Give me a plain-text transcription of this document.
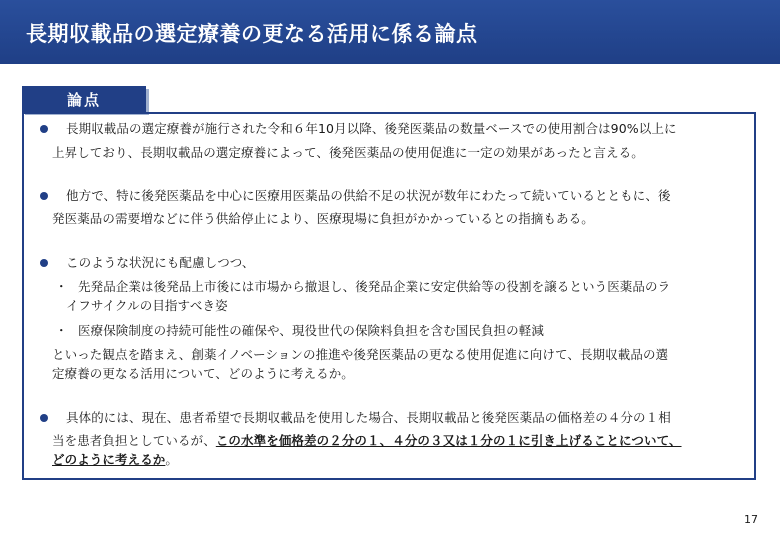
長期収載品の選定療養の更なる活用に係る論点
論点
長期収載品の選定療養が施行された令和６年10月以降、後発医薬品の数量ベースでの使用割合は90%以上に
上昇しており、長期収載品の選定療養によって、後発医薬品の使用促進に一定の効果があったと言える。
他方で、特に後発医薬品を中心に医療用医薬品の供給不足の状況が数年にわたって続いているとともに、後
発医薬品の需要増などに伴う供給停止により、医療現場に負担がかかっているとの指摘もある。
このような状況にも配慮しつつ、
・ 先発品企業は後発品上市後には市場から撤退し、後発品企業に安定供給等の役割を譲るという医薬品のラ
イフサイクルの目指すべき姿
・ 医療保険制度の持続可能性の確保や、現役世代の保険料負担を含む国民負担の軽減
といった観点を踏まえ、創薬イノベーションの推進や後発医薬品の更なる使用促進に向けて、長期収載品の選
定療養の更なる活用について、どのように考えるか。
具体的には、現在、患者希望で長期収載品を使用した場合、長期収載品と後発医薬品の価格差の４分の１相
当を患者負担としているが、この水準を価格差の２分の１、４分の３又は１分の１に引き上げることについて、
どのように考えるか。
17
